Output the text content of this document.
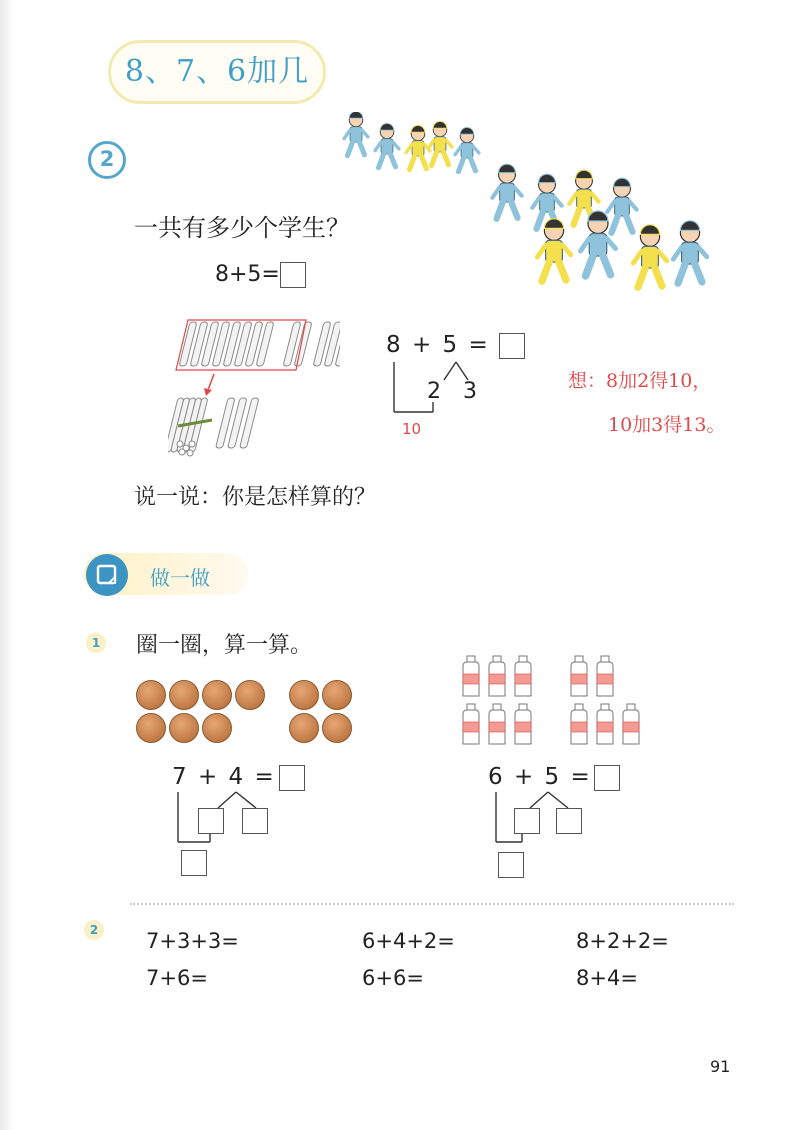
8、7、6加几
2
一共有多少个学生？
8+5=
8 + 5 =
2 3
10
想：8加2得10，
10加3得13。
说一说：你是怎样算的？
做一做
1 圈一圈，算一算。
7 + 4 =	6 + 5 =
2 7+3+3=	6+4+2=	8+2+2=
7+6=	6+6=	8+4=
91
